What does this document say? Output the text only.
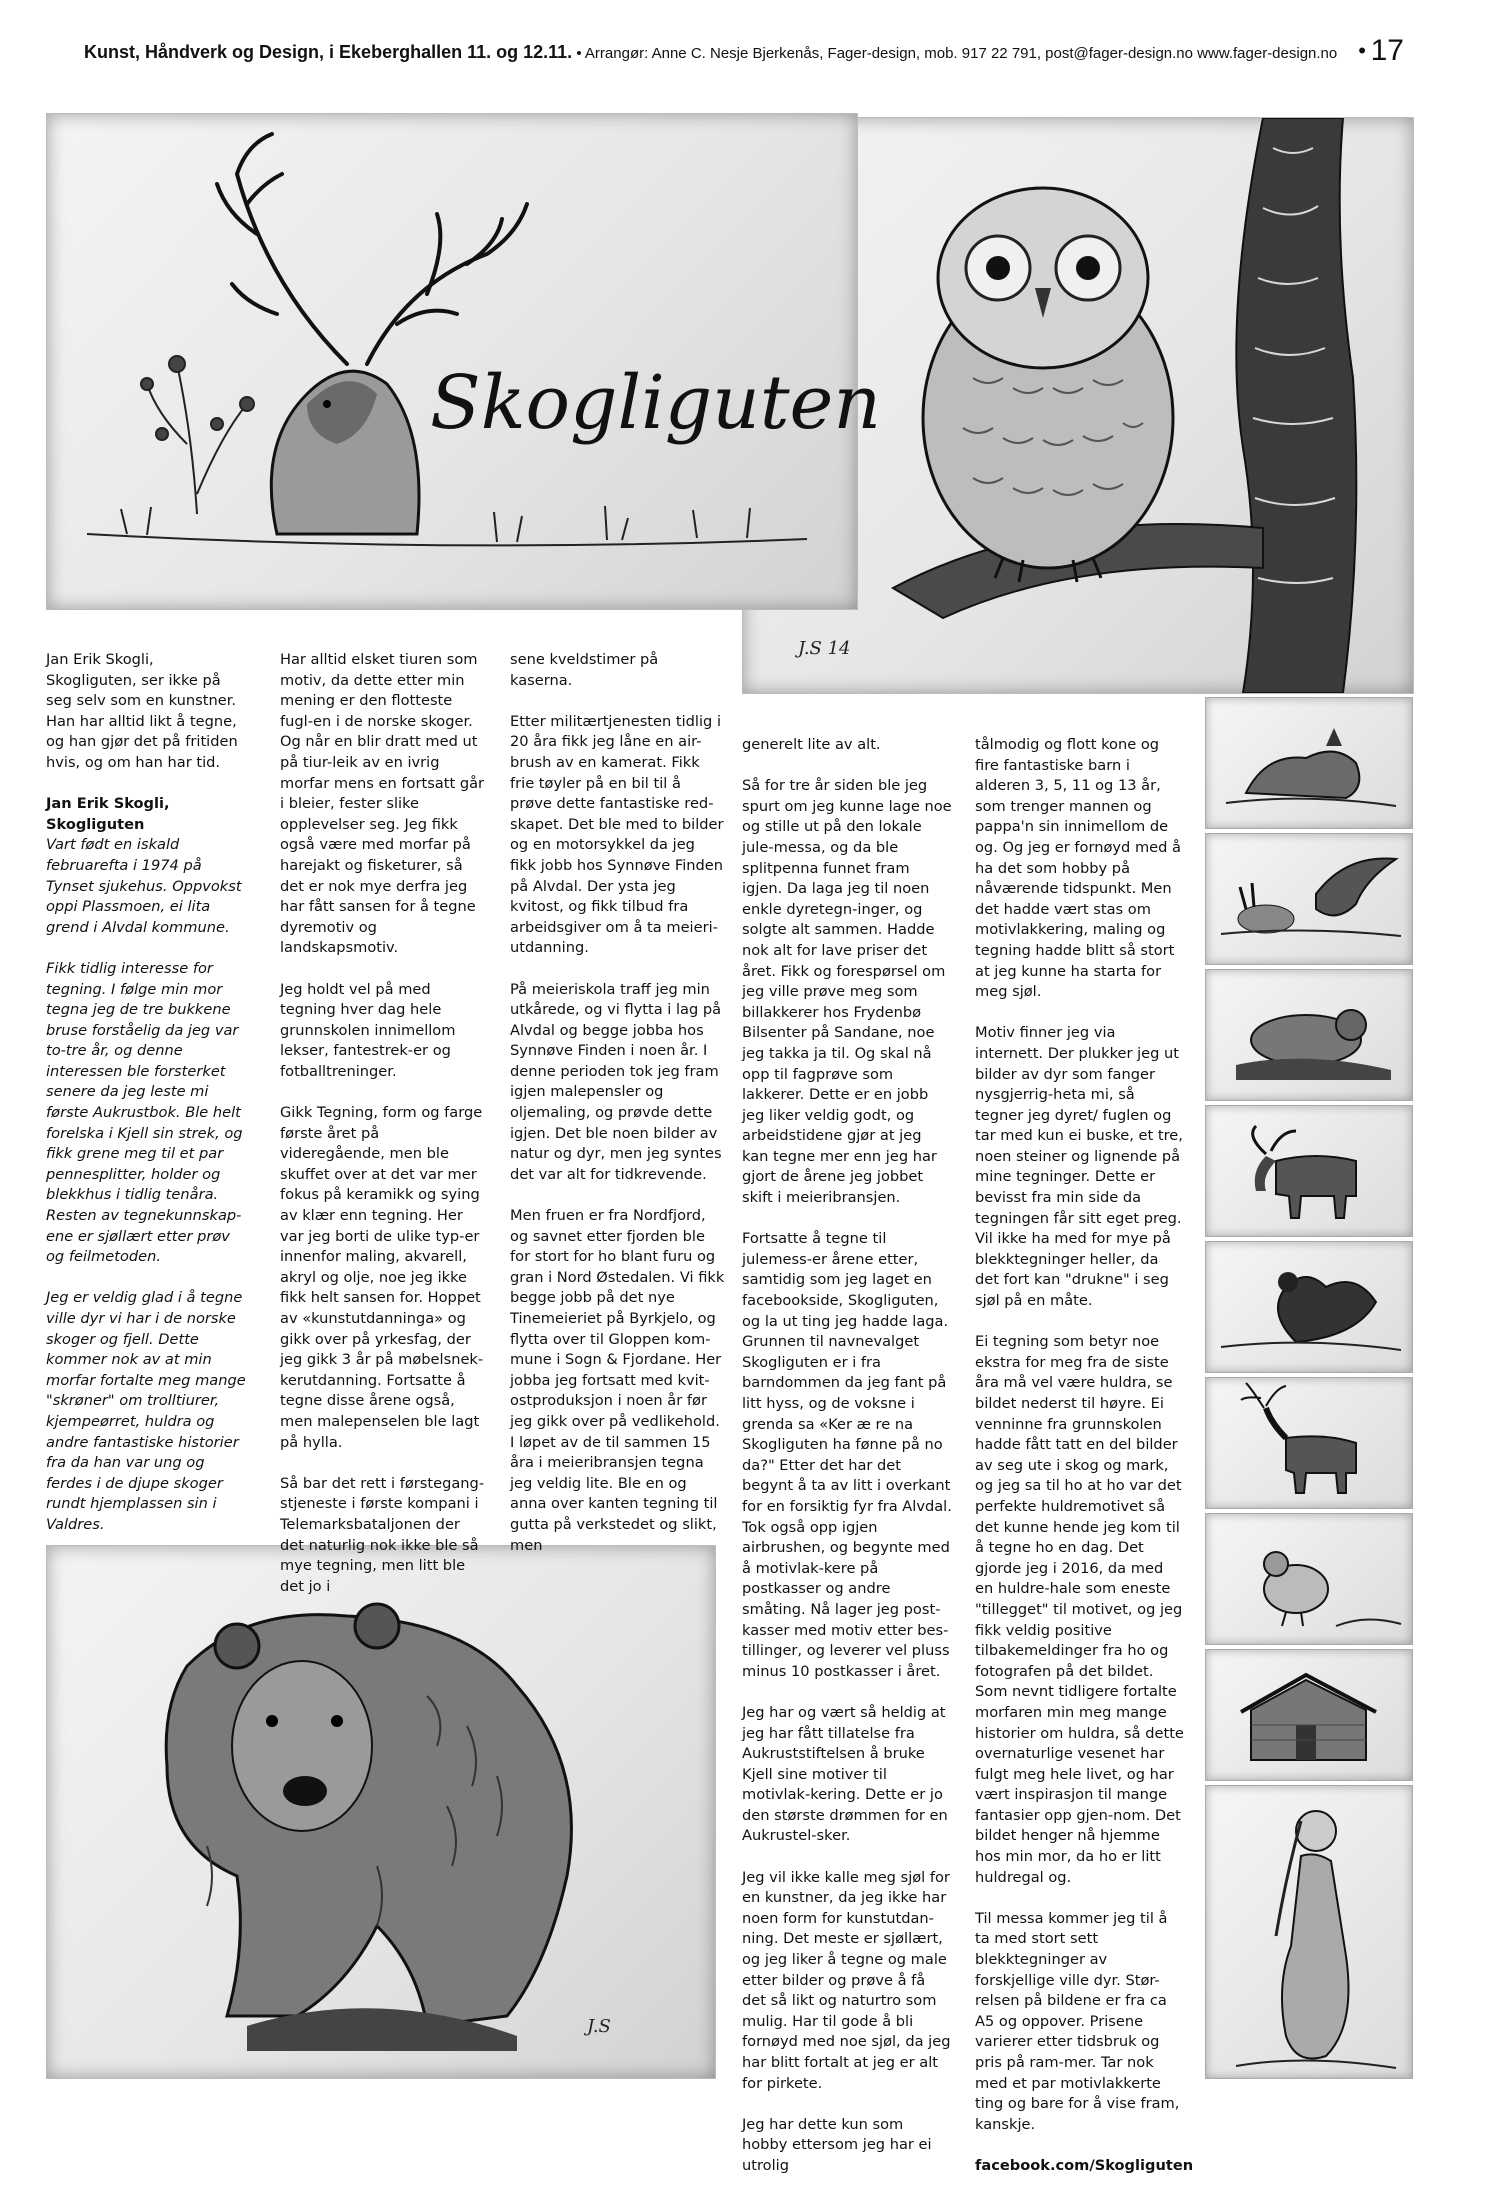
Kunst, Håndverk og Design, i Ekeberghallen 11. og 12.11. • Arrangør: Anne C. Nesje Bjerkenås, Fager-design, mob. 917 22 791, post@fager-design.no www.fager-design.no • 17
J.S 14
Skogliguten
J.S

Jan Erik Skogli, Skogliguten, ser ikke på seg selv som en kunstner. Han har alltid likt å tegne, og han gjør det på fritiden hvis, og om han har tid.

Jan Erik Skogli, Skogliguten

Vart født en iskald februarefta i 1974 på Tynset sjukehus. Oppvokst oppi Plassmoen, ei lita grend i Alvdal kommune.

Fikk tidlig interesse for tegning. I følge min mor tegna jeg de tre bukkene bruse forståelig da jeg var to-tre år, og denne interessen ble forsterket senere da jeg leste mi første Aukrustbok. Ble helt forelska i Kjell sin strek, og fikk grene meg til et par pennesplitter, holder og blekkhus i tidlig tenåra. Resten av tegnekunnskap-ene er sjøllært etter prøv og feilmetoden.

Jeg er veldig glad i å tegne ville dyr vi har i de norske skoger og fjell. Dette kommer nok av at min morfar fortalte meg mange "skrøner" om trolltiurer, kjempeørret, huldra og andre fantastiske historier fra da han var ung og ferdes i de djupe skoger rundt hjemplassen sin i Valdres.

Har alltid elsket tiuren som motiv, da dette etter min mening er den flotteste fugl-en i de norske skoger. Og når en blir dratt med ut på tiur-leik av en ivrig morfar mens en fortsatt går i bleier, fester slike opplevelser seg. Jeg fikk også være med morfar på harejakt og fisketurer, så det er nok mye derfra jeg har fått sansen for å tegne dyremotiv og landskapsmotiv.

Jeg holdt vel på med tegning hver dag hele grunnskolen innimellom lekser, fantestrek-er og fotballtreninger.

Gikk Tegning, form og farge første året på videregående, men ble skuffet over at det var mer fokus på keramikk og sying av klær enn tegning. Her var jeg borti de ulike typ-er innenfor maling, akvarell, akryl og olje, noe jeg ikke fikk helt sansen for. Hoppet av «kunstutdanninga» og gikk over på yrkesfag, der jeg gikk 3 år på møbelsnek-kerutdanning. Fortsatte å tegne disse årene også, men malepenselen ble lagt på hylla.

Så bar det rett i førstegang-stjeneste i første kompani i Telemarksbataljonen der det naturlig nok ikke ble så mye tegning, men litt ble det jo i

sene kveldstimer på kaserna.

Etter militærtjenesten tidlig i 20 åra fikk jeg låne en air-brush av en kamerat. Fikk frie tøyler på en bil til å prøve dette fantastiske red-skapet. Det ble med to bilder og en motorsykkel da jeg fikk jobb hos Synnøve Finden på Alvdal. Der ysta jeg kvitost, og fikk tilbud fra arbeidsgiver om å ta meieri-utdanning.

På meieriskola traff jeg min utkårede, og vi flytta i lag på Alvdal og begge jobba hos Synnøve Finden i noen år. I denne perioden tok jeg fram igjen malepensler og oljemaling, og prøvde dette igjen. Det ble noen bilder av natur og dyr, men jeg syntes det var alt for tidkrevende.

Men fruen er fra Nordfjord, og savnet etter fjorden ble for stort for ho blant furu og gran i Nord Østedalen. Vi fikk begge jobb på det nye Tinemeieriet på Byrkjelo, og flytta over til Gloppen kom-mune i Sogn & Fjordane. Her jobba jeg fortsatt med kvit-ostproduksjon i noen år før jeg gikk over på vedlikehold. I løpet av de til sammen 15 åra i meieribransjen tegna jeg veldig lite. Ble en og anna over kanten tegning til gutta på verkstedet og slikt, men

generelt lite av alt.

Så for tre år siden ble jeg spurt om jeg kunne lage noe og stille ut på den lokale jule-messa, og da ble splitpenna funnet fram igjen. Da laga jeg til noen enkle dyretegn-inger, og solgte alt sammen. Hadde nok alt for lave priser det året. Fikk og forespørsel om jeg ville prøve meg som billakkerer hos Frydenbø Bilsenter på Sandane, noe jeg takka ja til. Og skal nå opp til fagprøve som lakkerer. Dette er en jobb jeg liker veldig godt, og arbeidstidene gjør at jeg kan tegne mer enn jeg har gjort de årene jeg jobbet skift i meieribransjen.

Fortsatte å tegne til julemess-er årene etter, samtidig som jeg laget en facebookside, Skogliguten, og la ut ting jeg hadde laga. Grunnen til navnevalget Skogliguten er i fra barndommen da jeg fant på litt hyss, og de voksne i grenda sa «Ker æ re na Skogliguten ha fønne på no da?" Etter det har det begynt å ta av litt i overkant for en forsiktig fyr fra Alvdal. Tok også opp igjen airbrushen, og begynte med å motivlak-kere på postkasser og andre småting. Nå lager jeg post-kasser med motiv etter bes-tillinger, og leverer vel pluss minus 10 postkasser i året.

Jeg har og vært så heldig at jeg har fått tillatelse fra Aukruststiftelsen å bruke Kjell sine motiver til motivlak-kering. Dette er jo den største drømmen for en Aukrustel-sker.

Jeg vil ikke kalle meg sjøl for en kunstner, da jeg ikke har noen form for kunstutdan-ning. Det meste er sjøllært, og jeg liker å tegne og male etter bilder og prøve å få det så likt og naturtro som mulig. Har til gode å bli fornøyd med noe sjøl, da jeg har blitt fortalt at jeg er alt for pirkete.

Jeg har dette kun som hobby ettersom jeg har ei utrolig

tålmodig og flott kone og fire fantastiske barn i alderen 3, 5, 11 og 13 år, som trenger mannen og pappa'n sin innimellom de og. Og jeg er fornøyd med å ha det som hobby på nåværende tidspunkt. Men det hadde vært stas om motivlakkering, maling og tegning hadde blitt så stort at jeg kunne ha starta for meg sjøl.

Motiv finner jeg via internett. Der plukker jeg ut bilder av dyr som fanger nysgjerrig-heta mi, så tegner jeg dyret/ fuglen og tar med kun ei buske, et tre, noen steiner og lignende på mine tegninger. Dette er bevisst fra min side da tegningen får sitt eget preg. Vil ikke ha med for mye på blekktegninger heller, da det fort kan "drukne" i seg sjøl på en måte.

Ei tegning som betyr noe ekstra for meg fra de siste åra må vel være huldra, se bildet nederst til høyre. Ei venninne fra grunnskolen hadde fått tatt en del bilder av seg ute i skog og mark, og jeg sa til ho at ho var det perfekte huldremotivet så det kunne hende jeg kom til å tegne ho en dag. Det gjorde jeg i 2016, da med en huldre-hale som eneste "tillegget" til motivet, og jeg fikk veldig positive tilbakemeldinger fra ho og fotografen på det bildet. Som nevnt tidligere fortalte morfaren min meg mange historier om huldra, så dette overnaturlige vesenet har fulgt meg hele livet, og har vært inspirasjon til mange fantasier opp gjen-nom. Det bildet henger nå hjemme hos min mor, da ho er litt huldregal og.

Til messa kommer jeg til å ta med stort sett blekktegninger av forskjellige ville dyr. Stør-relsen på bildene er fra ca A5 og oppover. Prisene varierer etter tidsbruk og pris på ram-mer. Tar nok med et par motivlakkerte ting og bare for å vise fram, kanskje.

facebook.com/Skogliguten
